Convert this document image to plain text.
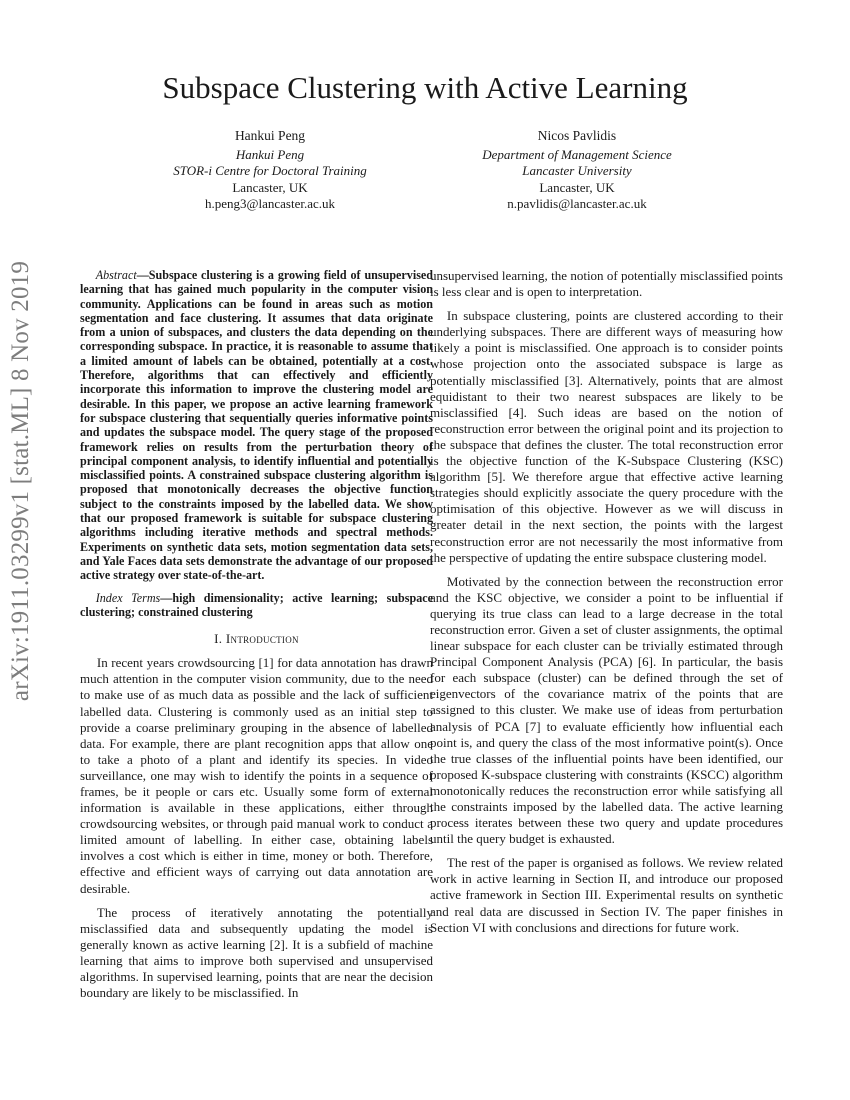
arXiv:1911.03299v1 [stat.ML] 8 Nov 2019
Subspace Clustering with Active Learning
Hankui Peng
Hankui Peng
STOR-i Centre for Doctoral Training
Lancaster, UK
h.peng3@lancaster.ac.uk
Nicos Pavlidis
Department of Management Science
Lancaster University
Lancaster, UK
n.pavlidis@lancaster.ac.uk

Abstract—Subspace clustering is a growing field of unsupervised learning that has gained much popularity in the computer vision community. Applications can be found in areas such as motion segmentation and face clustering. It assumes that data originate from a union of subspaces, and clusters the data depending on the corresponding subspace. In practice, it is reasonable to assume that a limited amount of labels can be obtained, potentially at a cost. Therefore, algorithms that can effectively and efficiently incorporate this information to improve the clustering model are desirable. In this paper, we propose an active learning framework for subspace clustering that sequentially queries informative points and updates the subspace model. The query stage of the proposed framework relies on results from the perturbation theory of principal component analysis, to identify influential and potentially misclassified points. A constrained subspace clustering algorithm is proposed that monotonically decreases the objective function subject to the constraints imposed by the labelled data. We show that our proposed framework is suitable for subspace clustering algorithms including iterative methods and spectral methods. Experiments on synthetic data sets, motion segmentation data sets, and Yale Faces data sets demonstrate the advantage of our proposed active strategy over state-of-the-art.

Index Terms—high dimensionality; active learning; subspace clustering; constrained clustering

I. Introduction

In recent years crowdsourcing [1] for data annotation has drawn much attention in the computer vision community, due to the need to make use of as much data as possible and the lack of sufficient labelled data. Clustering is commonly used as an initial step to provide a coarse preliminary grouping in the absence of labelled data. For example, there are plant recognition apps that allow one to take a photo of a plant and identify its species. In video surveillance, one may wish to identify the points in a sequence of frames, be it people or cars etc. Usually some form of external information is available in these applications, either through crowdsourcing websites, or through paid manual work to conduct a limited amount of labelling. In either case, obtaining labels involves a cost which is either in time, money or both. Therefore, effective and efficient ways of carrying out data annotation are desirable.

The process of iteratively annotating the potentially misclassified data and subsequently updating the model is generally known as active learning [2]. It is a subfield of machine learning that aims to improve both supervised and unsupervised algorithms. In supervised learning, points that are near the decision boundary are likely to be misclassified. In

unsupervised learning, the notion of potentially misclassified points is less clear and is open to interpretation.

In subspace clustering, points are clustered according to their underlying subspaces. There are different ways of measuring how likely a point is misclassified. One approach is to consider points whose projection onto the associated subspace is large as potentially misclassified [3]. Alternatively, points that are almost equidistant to their two nearest subspaces are likely to be misclassified [4]. Such ideas are based on the notion of reconstruction error between the original point and its projection to the subspace that defines the cluster. The total reconstruction error is the objective function of the K-Subspace Clustering (KSC) algorithm [5]. We therefore argue that effective active learning strategies should explicitly associate the query procedure with the optimisation of this objective. However as we will discuss in greater detail in the next section, the points with the largest reconstruction error are not necessarily the most informative from the perspective of updating the entire subspace clustering model.

Motivated by the connection between the reconstruction error and the KSC objective, we consider a point to be influential if querying its true class can lead to a large decrease in the total reconstruction error. Given a set of cluster assignments, the optimal linear subspace for each cluster can be trivially estimated through Principal Component Analysis (PCA) [6]. In particular, the basis for each subspace (cluster) can be defined through the set of eigenvectors of the covariance matrix of the points that are assigned to this cluster. We make use of ideas from perturbation analysis of PCA [7] to evaluate efficiently how influential each point is, and query the class of the most informative point(s). Once the true classes of the influential points have been identified, our proposed K-subspace clustering with constraints (KSCC) algorithm monotonically reduces the reconstruction error while satisfying all the constraints imposed by the labelled data. The active learning process iterates between these two query and update procedures until the query budget is exhausted.

The rest of the paper is organised as follows. We review related work in active learning in Section II, and introduce our proposed active framework in Section III. Experimental results on synthetic and real data are discussed in Section IV. The paper finishes in Section VI with conclusions and directions for future work.
